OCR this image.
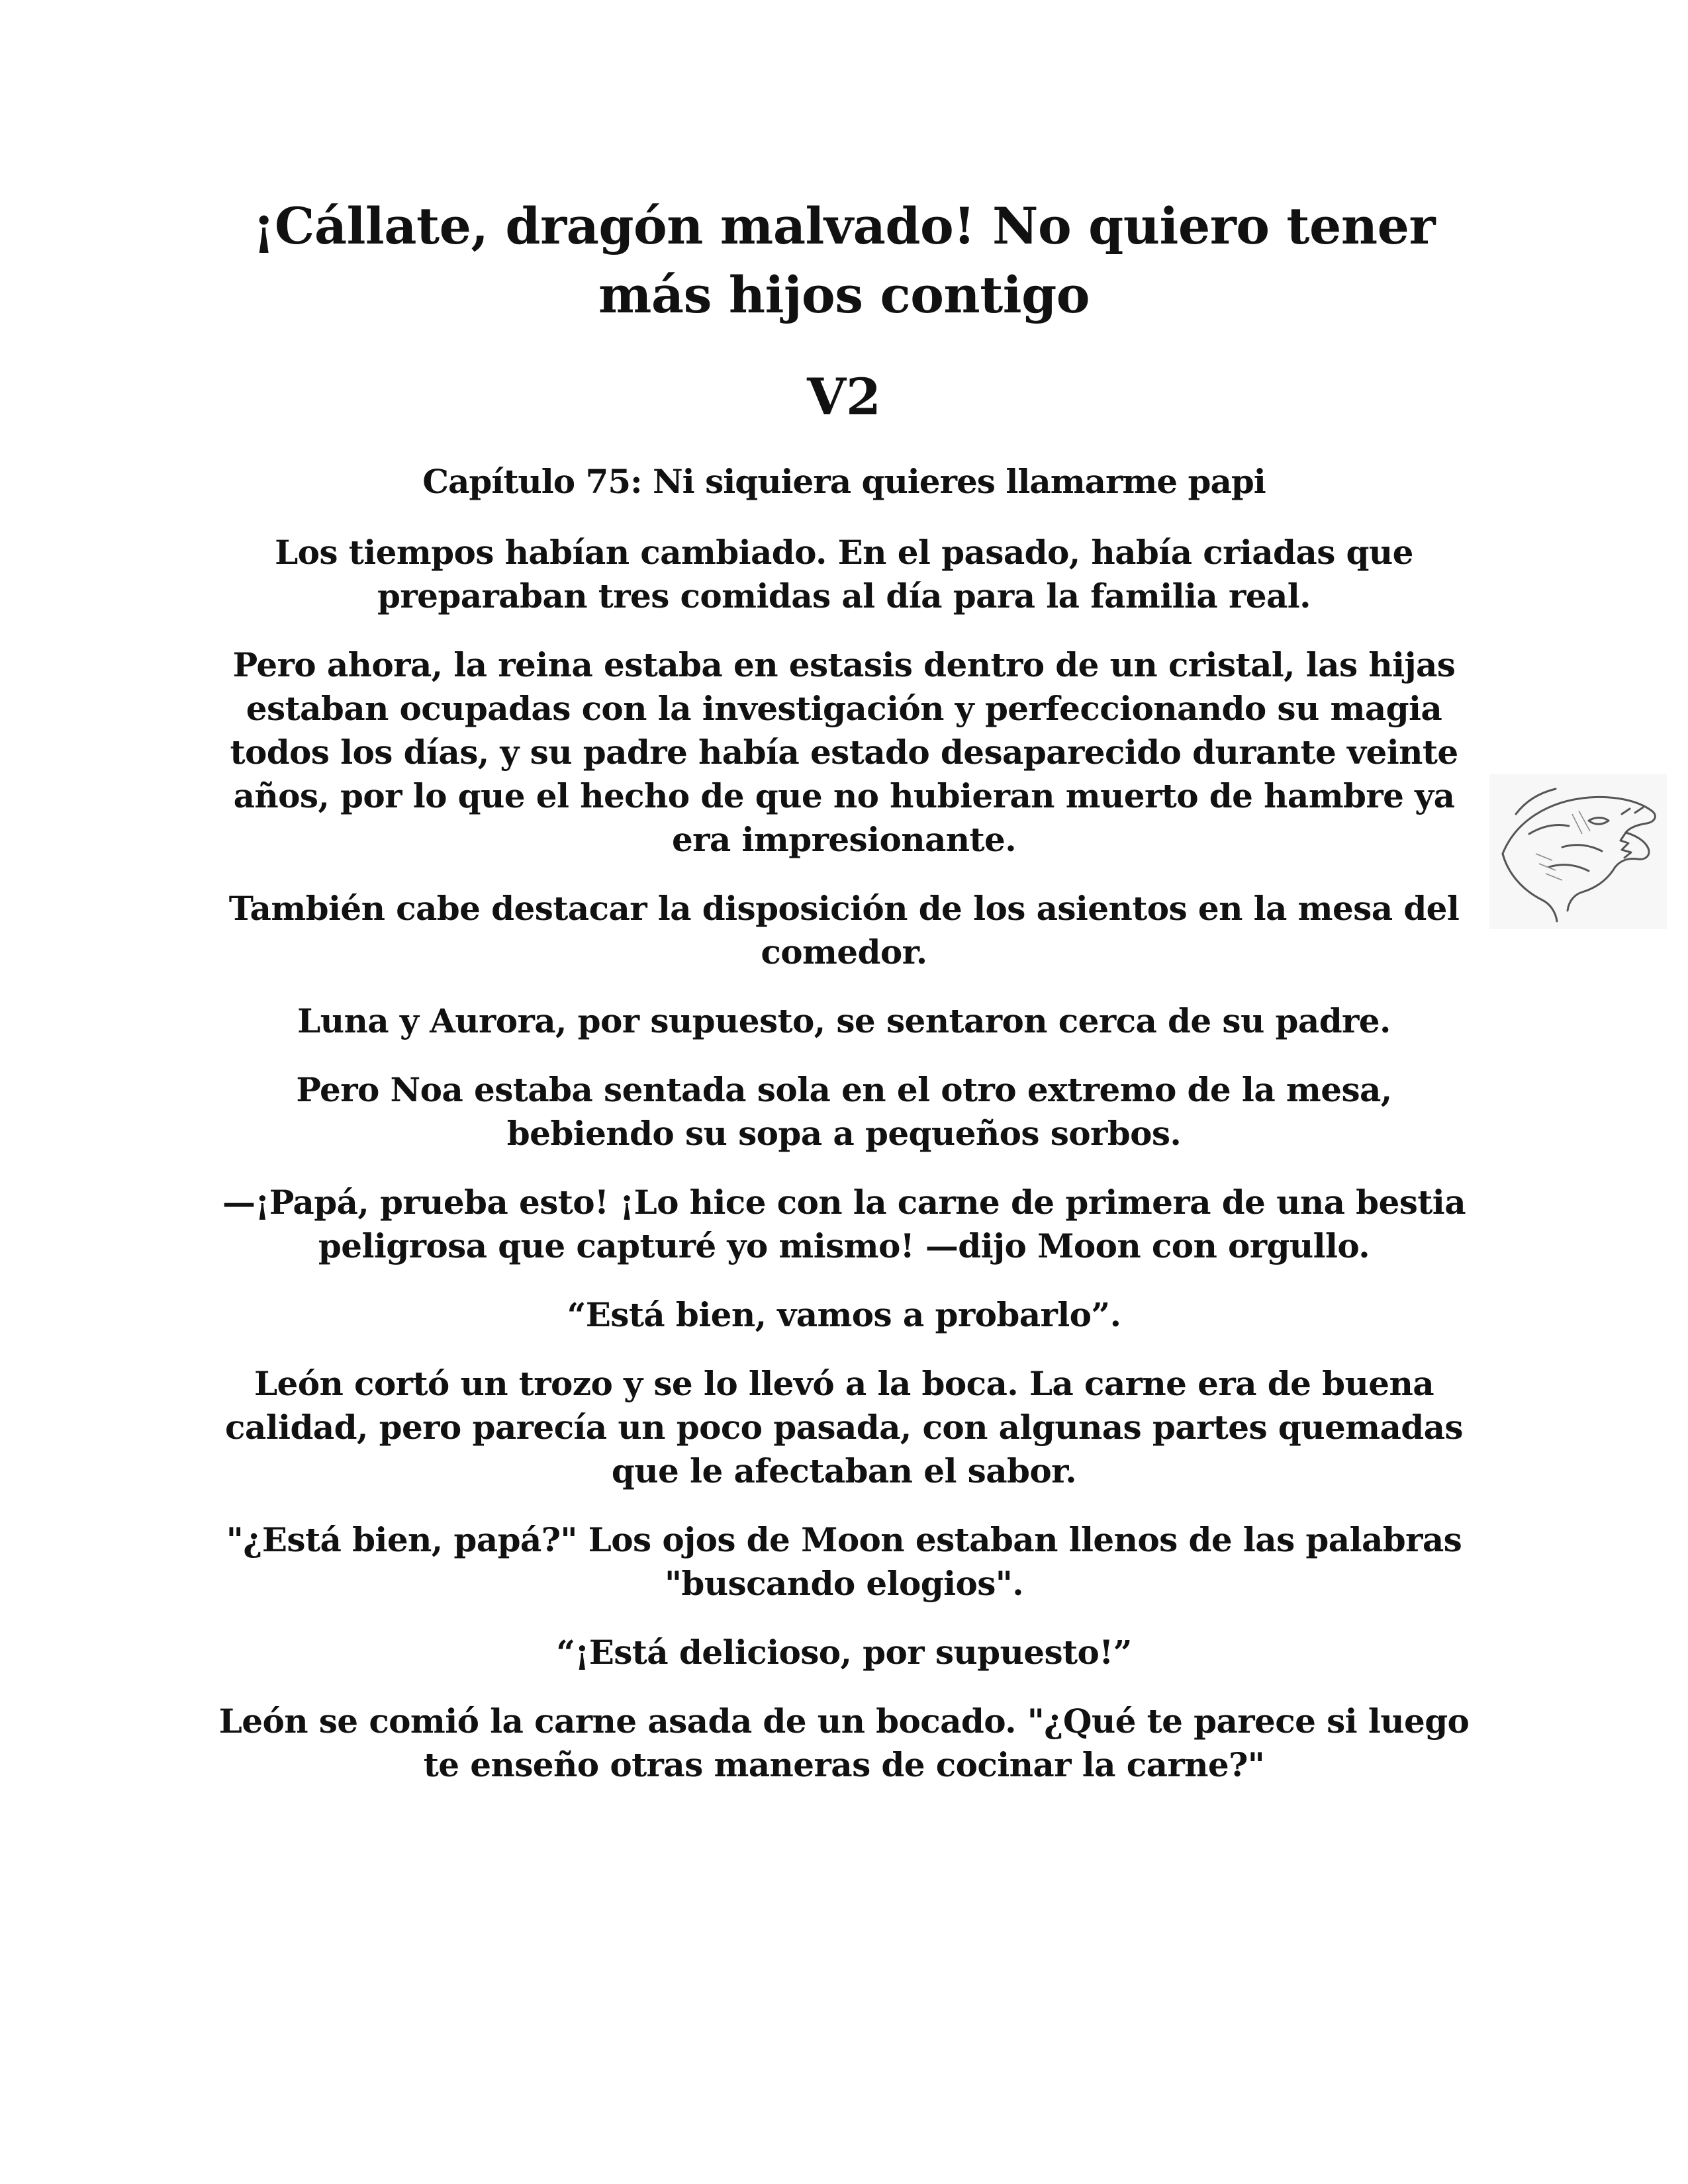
¡Cállate, dragón malvado! No quiero tener más hijos contigo
V2
Capítulo 75: Ni siquiera quieres llamarme papi

Los tiempos habían cambiado. En el pasado, había criadas que preparaban tres comidas al día para la familia real.

Pero ahora, la reina estaba en estasis dentro de un cristal, las hijas estaban ocupadas con la investigación y perfeccionando su magia todos los días, y su padre había estado desaparecido durante veinte años, por lo que el hecho de que no hubieran muerto de hambre ya era impresionante.

También cabe destacar la disposición de los asientos en la mesa del comedor.

Luna y Aurora, por supuesto, se sentaron cerca de su padre.

Pero Noa estaba sentada sola en el otro extremo de la mesa, bebiendo su sopa a pequeños sorbos.

—¡Papá, prueba esto! ¡Lo hice con la carne de primera de una bestia peligrosa que capturé yo mismo! —dijo Moon con orgullo.

“Está bien, vamos a probarlo”.

León cortó un trozo y se lo llevó a la boca. La carne era de buena calidad, pero parecía un poco pasada, con algunas partes quemadas que le afectaban el sabor.

"¿Está bien, papá?" Los ojos de Moon estaban llenos de las palabras "buscando elogios".

“¡Está delicioso, por supuesto!”

León se comió la carne asada de un bocado. "¿Qué te parece si luego te enseño otras maneras de cocinar la carne?"
